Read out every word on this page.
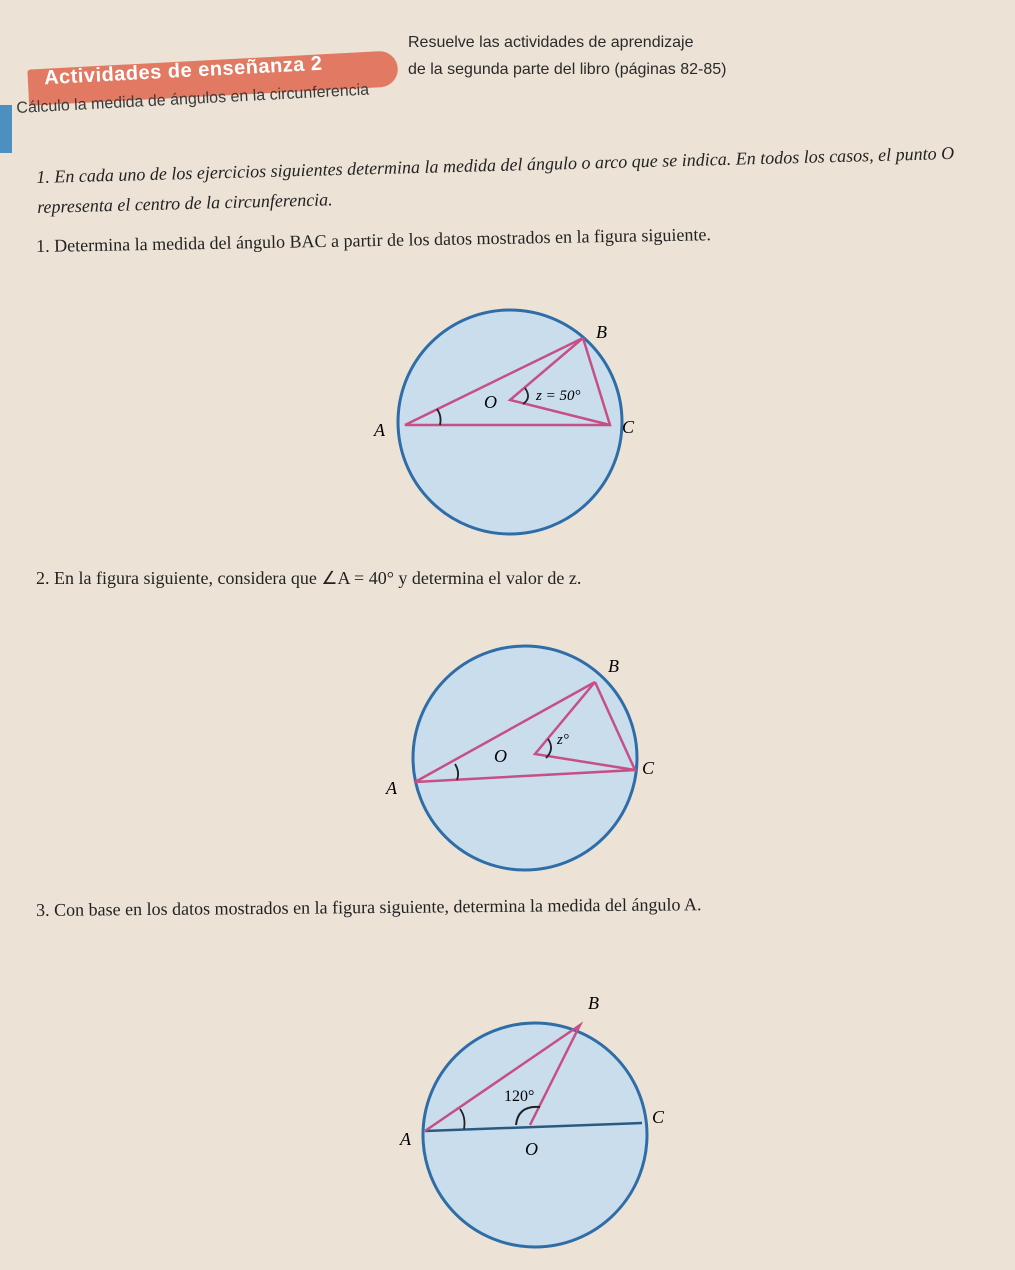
Resuelve las actividades de aprendizaje
de la segunda parte del libro (páginas 82-85)
Actividades de enseñanza 2
Cálculo la medida de ángulos en la circunferencia
1. En cada uno de los ejercicios siguientes determina la medida del ángulo o arco que se indica. En todos los casos, el punto O representa el centro de la circunferencia.
1. Determina la medida del ángulo BAC a partir de los datos mostrados en la figura siguiente.
B
C
A
O	z = 50°
2. En la figura siguiente, considera que ∠A = 40° y determina el valor de z.
B
C
A
O
z°
3. Con base en los datos mostrados en la figura siguiente, determina la medida del ángulo A.
B
C
A	O
120°
